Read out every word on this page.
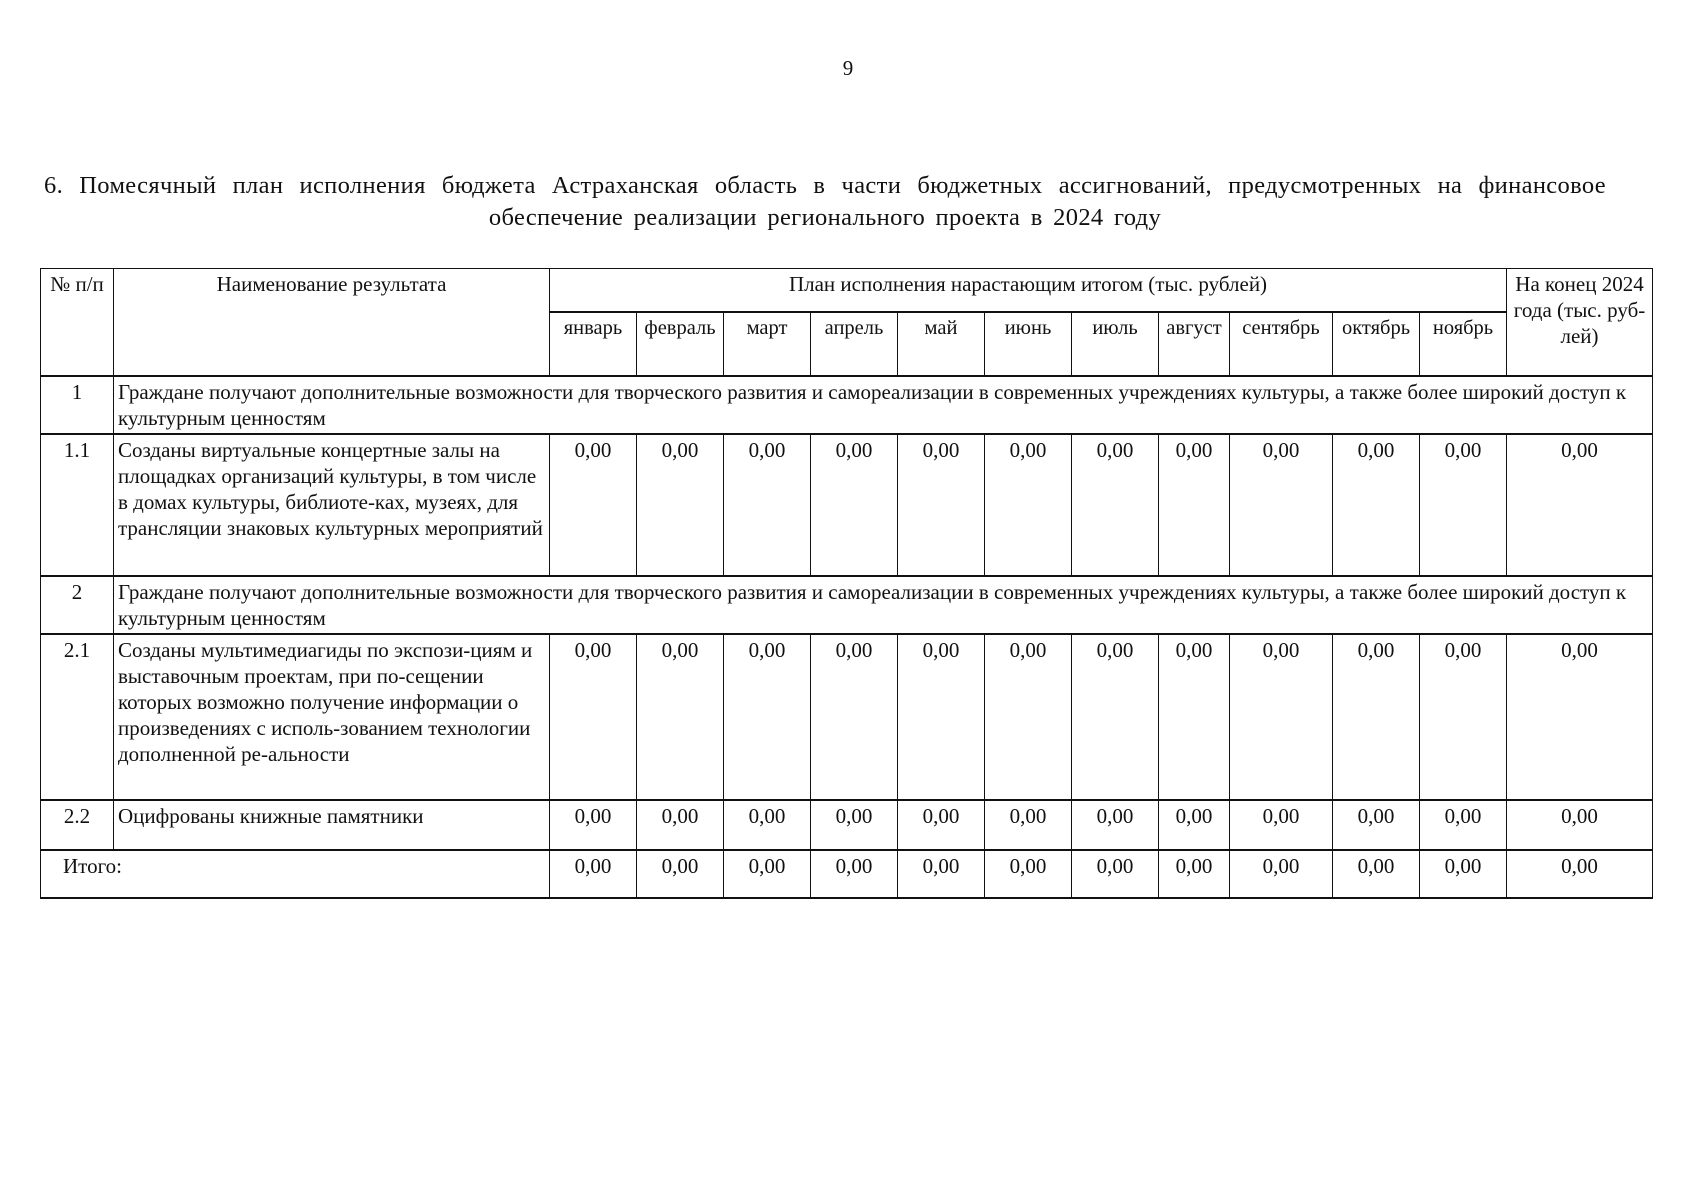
9
6. Помесячный план исполнения бюджета Астраханская область в части бюджетных ассигнований, предусмотренных на финансовое обеспечение реализации регионального проекта в 2024 году
№ п/п	Наименование результата	План исполнения нарастающим итогом (тыс. рублей)											На конец 2024 года (тыс. руб-лей)
		январь	февраль	март	апрель	май	июнь	июль	август	сентябрь	октябрь	ноябрь	
1	Граждане получают дополнительные возможности для творческого развития и самореализации в современных учреждениях культуры, а также более широкий доступ к культурным ценностям												
1.1	Созданы виртуальные концертные залы на площадках организаций культуры, в том числе в домах культуры, библиоте-ках, музеях, для трансляции знаковых культурных мероприятий	0,00	0,00	0,00	0,00	0,00	0,00	0,00	0,00	0,00	0,00	0,00	0,00
2	Граждане получают дополнительные возможности для творческого развития и самореализации в современных учреждениях культуры, а также более широкий доступ к культурным ценностям												
2.1	Созданы мультимедиагиды по экспози-циям и выставочным проектам, при по-сещении которых возможно получение информации о произведениях с исполь-зованием технологии дополненной ре-альности	0,00	0,00	0,00	0,00	0,00	0,00	0,00	0,00	0,00	0,00	0,00	0,00
2.2	Оцифрованы книжные памятники	0,00	0,00	0,00	0,00	0,00	0,00	0,00	0,00	0,00	0,00	0,00	0,00
Итого:		0,00	0,00	0,00	0,00	0,00	0,00	0,00	0,00	0,00	0,00	0,00	0,00
